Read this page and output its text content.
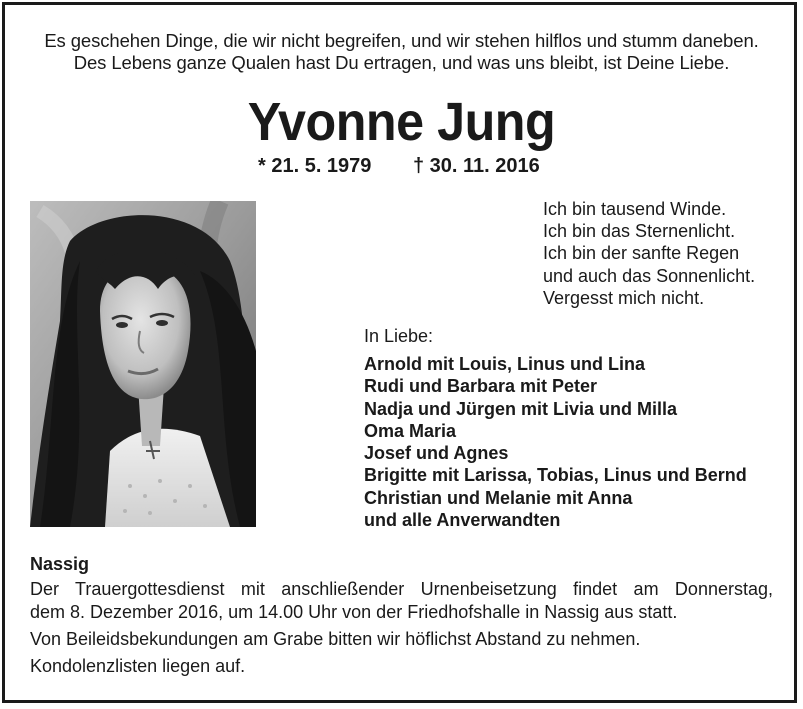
Es geschehen Dinge, die wir nicht begreifen, und wir stehen hilflos und stumm daneben.
Des Lebens ganze Qualen hast Du ertragen, und was uns bleibt, ist Deine Liebe.
Yvonne Jung
* 21. 5. 1979 † 30. 11. 2016
Ich bin tausend Winde.
Ich bin das Sternenlicht.
Ich bin der sanfte Regen
und auch das Sonnenlicht.
Vergesst mich nicht.
In Liebe:
Arnold mit Louis, Linus und Lina
Rudi und Barbara mit Peter
Nadja und Jürgen mit Livia und Milla
Oma Maria
Josef und Agnes
Brigitte mit Larissa, Tobias, Linus und Bernd
Christian und Melanie mit Anna
und alle Anverwandten
Nassig
Der Trauergottesdienst mit anschließender Urnenbeisetzung findet am Donnerstag,
dem 8. Dezember 2016, um 14.00 Uhr von der Friedhofshalle in Nassig aus statt.
Von Beileidsbekundungen am Grabe bitten wir höflichst Abstand zu nehmen.
Kondolenzlisten liegen auf.
